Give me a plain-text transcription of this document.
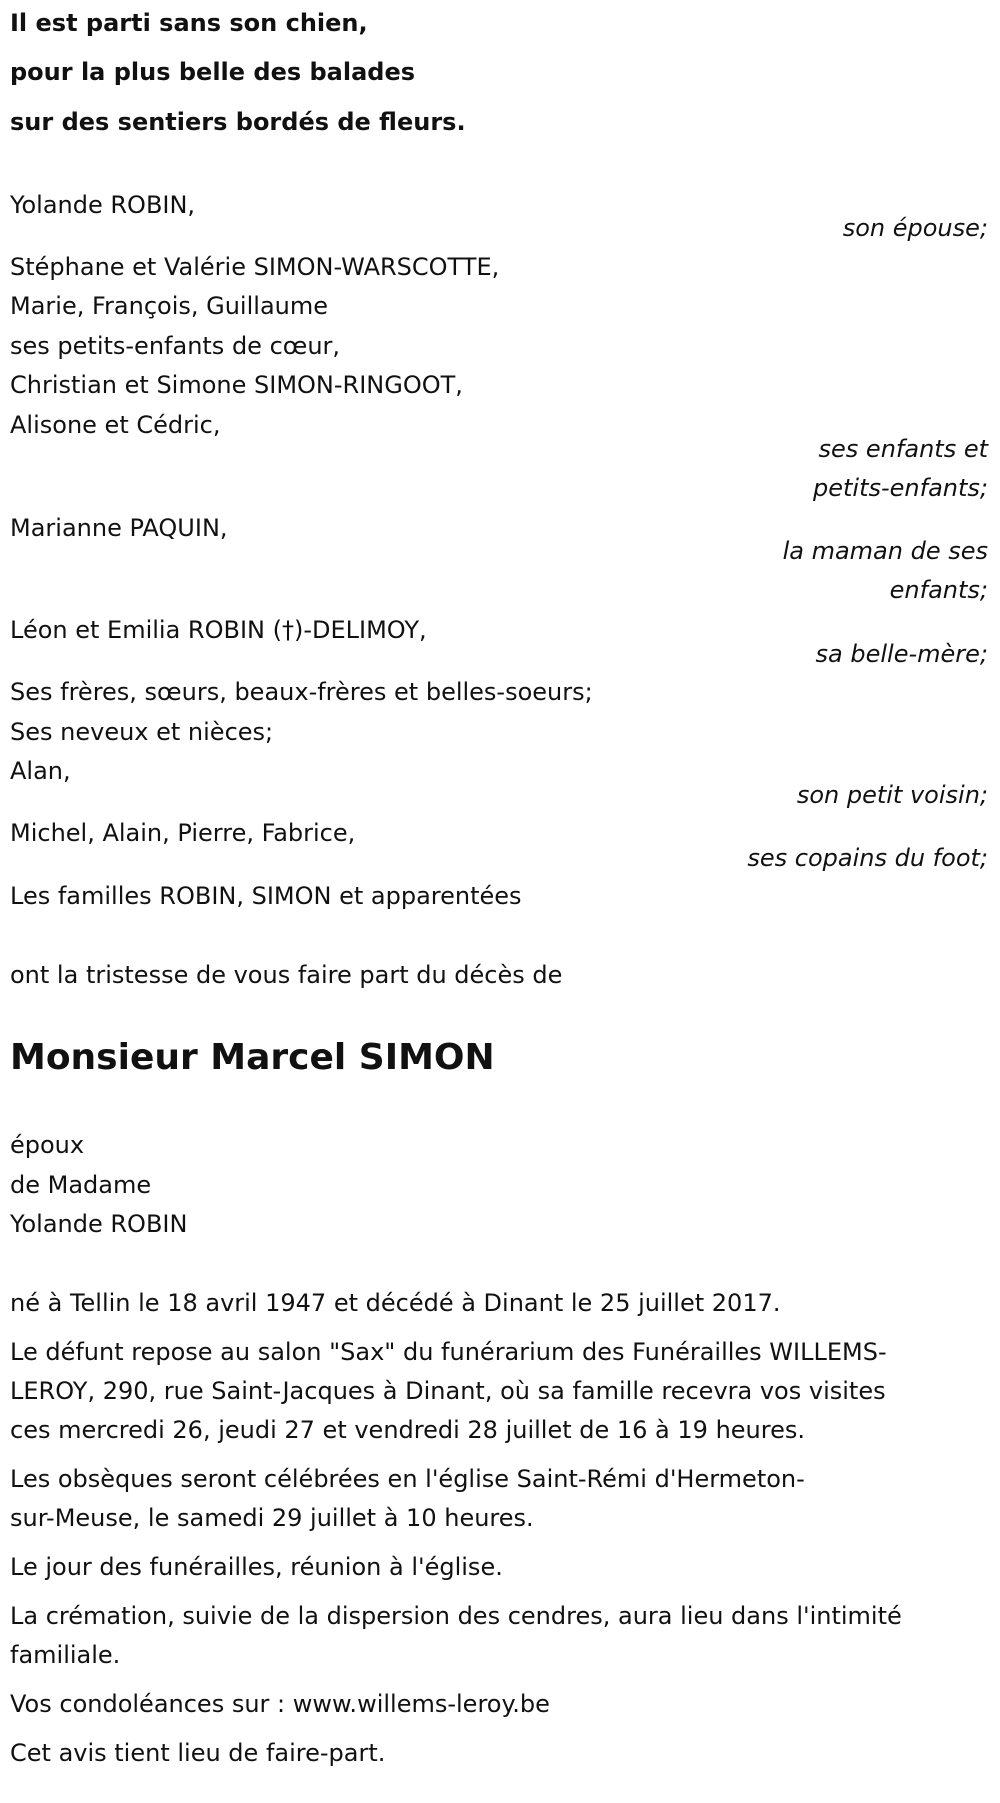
Il est parti sans son chien,
pour la plus belle des balades
sur des sentiers bordés de fleurs.
Yolande ROBIN,
son épouse;
Stéphane et Valérie SIMON-WARSCOTTE,
Marie, François, Guillaume
ses petits-enfants de cœur,
Christian et Simone SIMON-RINGOOT,
Alisone et Cédric,
ses enfants et
petits-enfants;
Marianne PAQUIN,
la maman de ses
enfants;
Léon et Emilia ROBIN (†)-DELIMOY,
sa belle-mère;
Ses frères, sœurs, beaux-frères et belles-soeurs;
Ses neveux et nièces;
Alan,
son petit voisin;
Michel, Alain, Pierre, Fabrice,
ses copains du foot;
Les familles ROBIN, SIMON et apparentées
ont la tristesse de vous faire part du décès de
Monsieur Marcel SIMON
époux
de Madame
Yolande ROBIN
né à Tellin le 18 avril 1947 et décédé à Dinant le 25 juillet 2017.
Le défunt repose au salon "Sax" du funérarium des Funérailles WILLEMS-
LEROY, 290, rue Saint-Jacques à Dinant, où sa famille recevra vos visites
ces mercredi 26, jeudi 27 et vendredi 28 juillet de 16 à 19 heures.
Les obsèques seront célébrées en l'église Saint-Rémi d'Hermeton-
sur-Meuse, le samedi 29 juillet à 10 heures.
Le jour des funérailles, réunion à l'église.
La crémation, suivie de la dispersion des cendres, aura lieu dans l'intimité
familiale.
Vos condoléances sur : www.willems-leroy.be
Cet avis tient lieu de faire-part.
